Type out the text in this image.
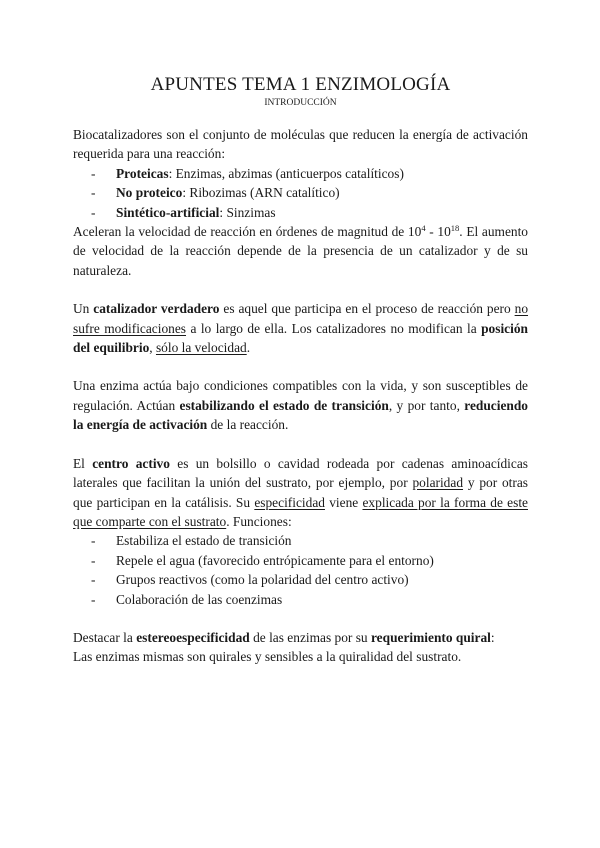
APUNTES TEMA 1 ENZIMOLOGÍA
INTRODUCCIÓN

Biocatalizadores son el conjunto de moléculas que reducen la energía de activación requerida para una reacción:

- Proteicas: Enzimas, abzimas (anticuerpos catalíticos)
- No proteico: Ribozimas (ARN catalítico)
- Sintético-artificial: Sinzimas

Aceleran la velocidad de reacción en órdenes de magnitud de $10^4 - 10^{18}$. El aumento de velocidad de la reacción depende de la presencia de un catalizador y de su naturaleza.

Un catalizador verdadero es aquel que participa en el proceso de reacción pero no sufre modificaciones a lo largo de ella. Los catalizadores no modifican la posición del equilibrio, sólo la velocidad.

Una enzima actúa bajo condiciones compatibles con la vida, y son susceptibles de regulación. Actúan estabilizando el estado de transición, y por tanto, reduciendo la energía de activación de la reacción.

El centro activo es un bolsillo o cavidad rodeada por cadenas aminoacídicas laterales que facilitan la unión del sustrato, por ejemplo, por polaridad y por otras que participan en la catálisis. Su especificidad viene explicada por la forma de este que comparte con el sustrato. Funciones:

- Estabiliza el estado de transición
- Repele el agua (favorecido entrópicamente para el entorno)
- Grupos reactivos (como la polaridad del centro activo)
- Colaboración de las coenzimas

Destacar la estereoespecificidad de las enzimas por su requerimiento quiral:

Las enzimas mismas son quirales y sensibles a la quiralidad del sustrato.
